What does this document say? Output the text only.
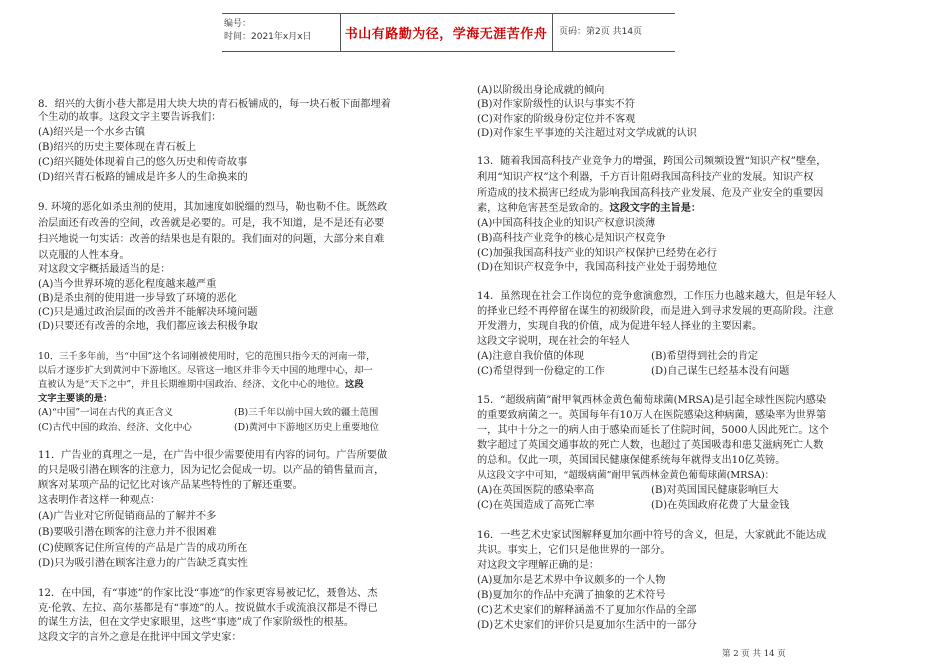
编号：
时间：2021年x月x日	书山有路勤为径，学海无涯苦作舟 页码：第2页 共14页
8．绍兴的大街小巷大都是用大块大块的青石板铺成的，每一块石板下面都埋着
个生动的故事。这段文字主要告诉我们：
(A)绍兴是一个水乡古镇
(B)绍兴的历史主要体现在青石板上
(C)绍兴随处体现着自己的悠久历史和传奇故事
(D)绍兴青石板路的铺成是许多人的生命换来的
9. 环境的恶化如杀虫剂的使用，其加速度如脱缰的烈马，勒也勒不住。既然政
治层面还有改善的空间，改善就是必要的。可是，我不知道，是不是还有必要
扫兴地说一句实话：改善的结果也是有限的。我们面对的问题，大部分来自难
以克服的人性本身。
对这段文字概括最适当的是：
(A)当今世界环境的恶化程度越来越严重
(B)是杀虫剂的使用进一步导致了环境的恶化
(C)只是通过政治层面的改善并不能解决环境问题
(D)只要还有改善的余地，我们都应该去积极争取
10．三千多年前，当“中国”这个名词刚被使用时，它的范围只指今天的河南一带，
以后才逐步扩大到黄河中下游地区。尽管这一地区并非今天中国的地理中心，却一
直被认为是“天下之中”，并且长期维期中国政治、经济、文化中心的地位。这段
文字主要谈的是：
(A)“中国”一词在古代的真正含义	(B)三千年以前中国大致的疆土范围
(C)古代中国的政治、经济、文化中心	(D)黄河中下游地区历史上重要地位
11．广告业的真理之一是，在广告中很少需要使用有内容的词句。广告所要做
的只是吸引潜在顾客的注意力，因为记忆会促成一切。以产品的销售量而言，
顾客对某项产品的记忆比对该产品某些特性的了解还重要。
这表明作者这样一种观点：
(A)广告业对它所促销商品的了解并不多
(B)要吸引潜在顾客的注意力并不很困难
(C)使顾客记住所宣传的产品是广告的成功所在
(D)只为吸引潜在顾客注意力的广告缺乏真实性
12．在中国，有“事迹”的作家比没“事迹”的作家更容易被记忆，聂鲁达、杰
克·伦敦、左拉、高尔基都是有“事迹”的人。按说做水手或流浪汉都是不得已
的谋生方法，但在文学史家眼里，这些“事迹”成了作家阶级性的根基。
这段文字的言外之意是在批评中国文学史家：
(A)以阶级出身论成就的倾向
(B)对作家阶级性的认识与事实不符
(C)对作家的阶级身份定位并不客观
(D)对作家生平事迹的关注超过对文学成就的认识
13．随着我国高科技产业竞争力的增强，跨国公司频频设置“知识产权”壁垒，
利用“知识产权”这个利器，千方百计阻碍我国高科技产业的发展。知识产权
所造成的技术损害已经成为影响我国高科技产业发展、危及产业安全的重要因
素，这种危害甚至是致命的。这段文字的主旨是：
(A)中国高科技企业的知识产权意识淡薄
(B)高科技产业竞争的核心是知识产权竞争
(C)加强我国高科技产业的知识产权保护已经势在必行
(D)在知识产权竞争中，我国高科技产业处于弱势地位
14．虽然现在社会工作岗位的竞争愈演愈烈，工作压力也越来越大，但是年轻人
的择业已经不再停留在谋生的初级阶段，而是进入到寻求发展的更高阶段。注意
开发潜力，实现自我的价值，成为促进年轻人择业的主要因素。
这段文字说明，现在社会的年轻人
(A)注意自我价值的体现	(B)希望得到社会的肯定
(C)希望得到一份稳定的工作	(D)自己谋生已经基本没有问题
15．“超级病菌”耐甲氧西林金黄色葡萄球菌(MRSA)是引起全球性医院内感染
的重要致病菌之一。英国每年有10万人在医院感染这种病菌，感染率为世界第
一，其中十分之一的病人由于感染而延长了住院时间，5000人因此死亡。这个
数字超过了英国交通事故的死亡人数，也超过了英国吸毒和患艾滋病死亡人数
的总和。仅此一项，英国国民健康保健系统每年就得支出10亿英镑。
从这段文字中可知，“超级病菌”耐甲氧西林金黄色葡萄球菌(MRSA)：
(A)在英国医院的感染率高	(B)对英国国民健康影响巨大
(C)在英国造成了高死亡率	(D)在英国政府花费了大量金钱
16．一些艺术史家试图解释夏加尔画中符号的含义，但是，大家就此不能达成
共识。事实上，它们只是他世界的一部分。
对这段文字理解正确的是：
(A)夏加尔是艺术界中争议颇多的一个人物
(B)夏加尔的作品中充满了抽象的艺术符号
(C)艺术史家们的解释涵盖不了夏加尔作品的全部
(D)艺术史家们的评价只是夏加尔生活中的一部分
第 2 页 共 14 页
